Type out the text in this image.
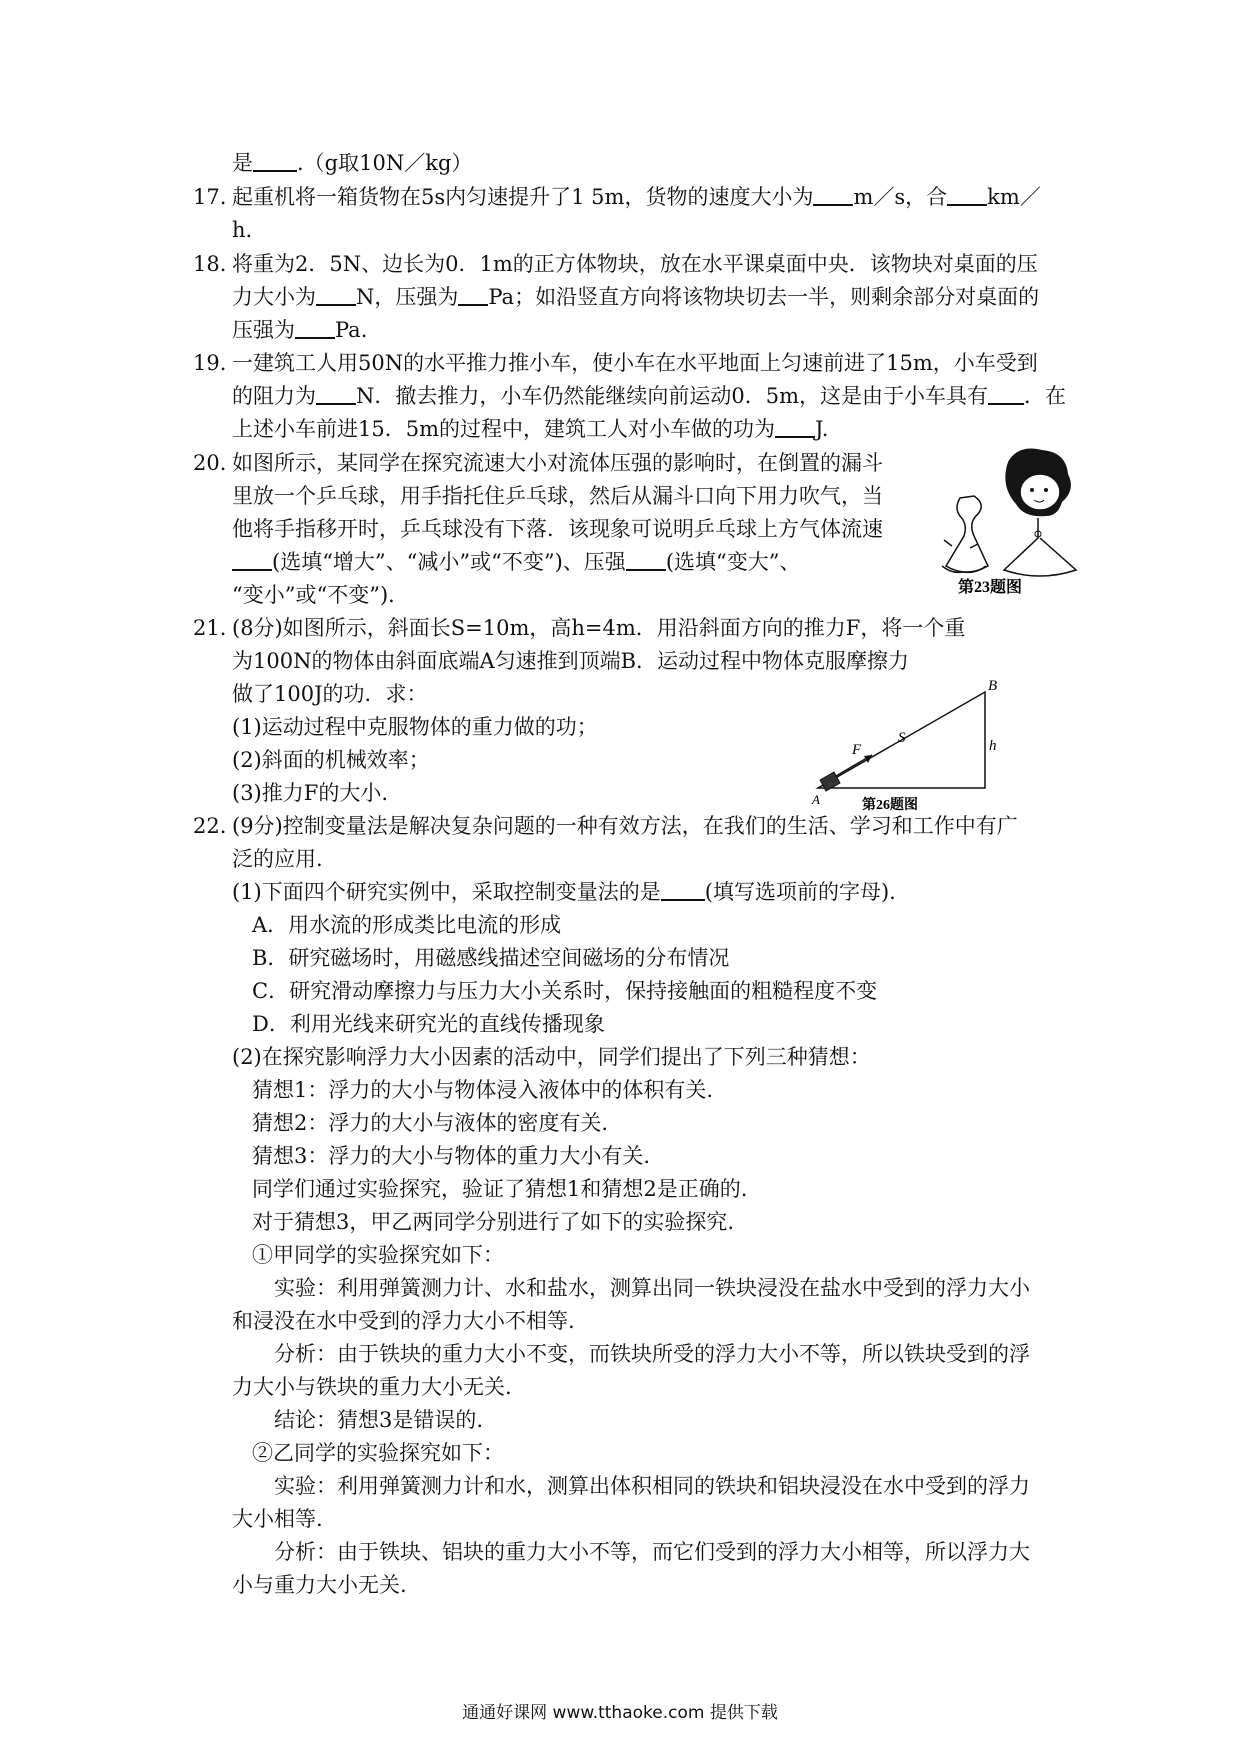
是 .（g取10N／kg）
17. 起重机将一箱货物在5s内匀速提升了1 5m，货物的速度大小为 m／s，合 km／
h.
18. 将重为2．5N、边长为0．1m的正方体物块，放在水平课桌面中央．该物块对桌面的压
力大小为 N，压强为 Pa；如沿竖直方向将该物块切去一半，则剩余部分对桌面的
压强为 Pa.
19. 一建筑工人用50N的水平推力推小车，使小车在水平地面上匀速前进了15m，小车受到
的阻力为 N．撤去推力，小车仍然能继续向前运动0．5m，这是由于小车具有 ．在
上述小车前进15．5m的过程中，建筑工人对小车做的功为 J.
20. 如图所示，某同学在探究流速大小对流体压强的影响时，在倒置的漏斗
里放一个乒乓球，用手指托住乒乓球，然后从漏斗口向下用力吹气，当
他将手指移开时，乒乓球没有下落．该现象可说明乒乓球上方气体流速
(选填“增大”、“减小”或“不变”)、压强 (选填“变大”、
“变小”或“不变”)．	第23题图
21. (8分)如图所示，斜面长S=10m，高h=4m．用沿斜面方向的推力F，将一个重
为100N的物体由斜面底端A匀速推到顶端B．运动过程中物体克服摩擦力
做了100J的功．求：
(1)运动过程中克服物体的重力做的功；
(2)斜面的机械效率；
(3)推力F的大小.
B
A
F
S	h
第26题图
22. (9分)控制变量法是解决复杂问题的一种有效方法，在我们的生活、学习和工作中有广
泛的应用.
(1)下面四个研究实例中，采取控制变量法的是 (填写选项前的字母).
A．用水流的形成类比电流的形成
B．研究磁场时，用磁感线描述空间磁场的分布情况
C．研究滑动摩擦力与压力大小关系时，保持接触面的粗糙程度不变
D．利用光线来研究光的直线传播现象
(2)在探究影响浮力大小因素的活动中，同学们提出了下列三种猜想：
猜想1：浮力的大小与物体浸入液体中的体积有关.
猜想2：浮力的大小与液体的密度有关.
猜想3：浮力的大小与物体的重力大小有关.
同学们通过实验探究，验证了猜想1和猜想2是正确的.
对于猜想3，甲乙两同学分别进行了如下的实验探究.
①甲同学的实验探究如下：
实验：利用弹簧测力计、水和盐水，测算出同一铁块浸没在盐水中受到的浮力大小
和浸没在水中受到的浮力大小不相等.
分析：由于铁块的重力大小不变，而铁块所受的浮力大小不等，所以铁块受到的浮
力大小与铁块的重力大小无关.
结论：猜想3是错误的.
②乙同学的实验探究如下：
实验：利用弹簧测力计和水，测算出体积相同的铁块和铝块浸没在水中受到的浮力
大小相等.
分析：由于铁块、铝块的重力大小不等，而它们受到的浮力大小相等，所以浮力大
小与重力大小无关.
通通好课网 www.tthaoke.com 提供下载
